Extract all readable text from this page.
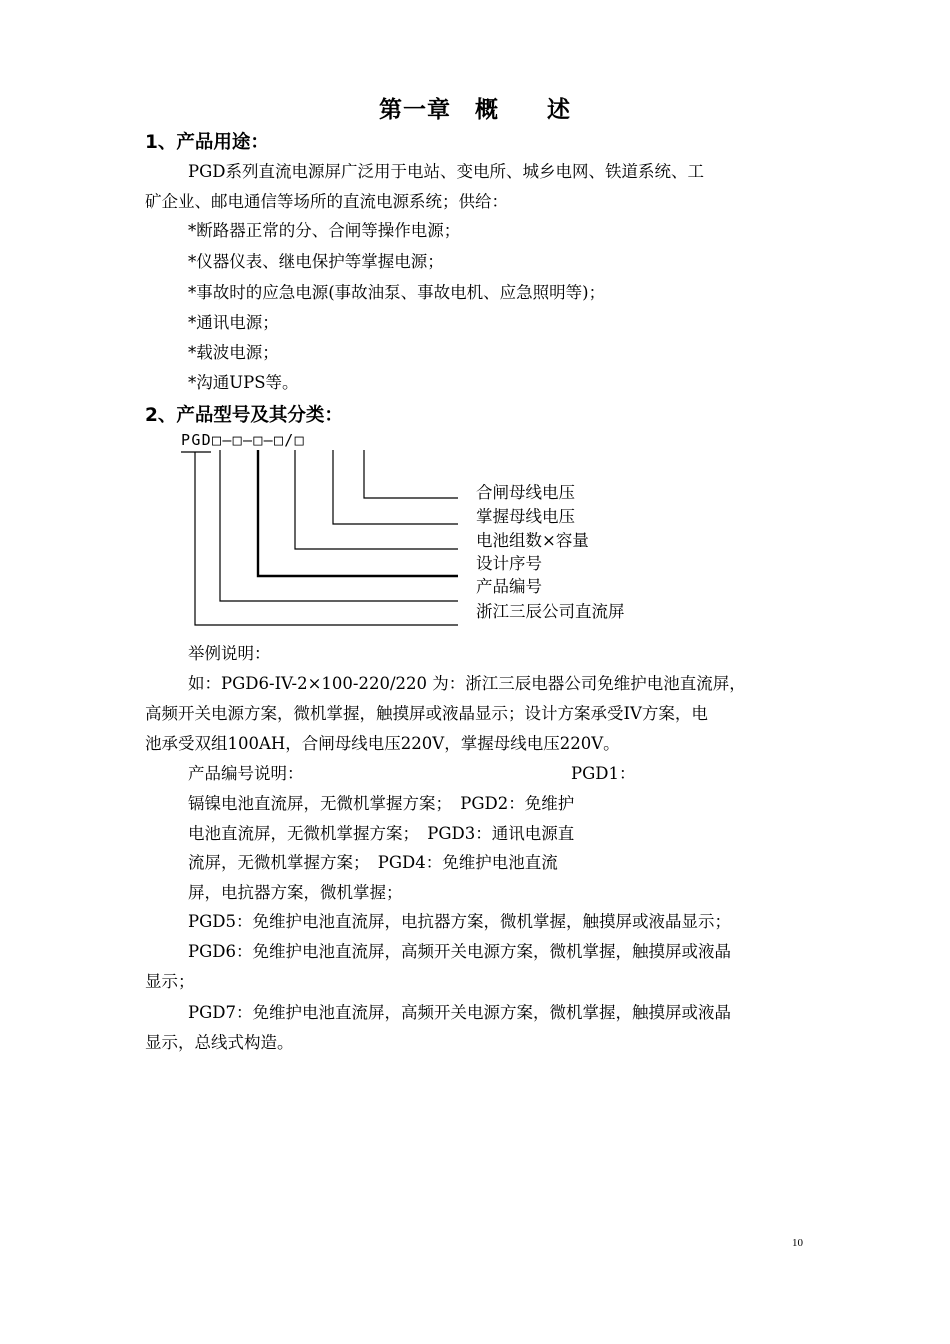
第一章　概　　述
1、产品用途：
PGD系列直流电源屏广泛用于电站、变电所、城乡电网、铁道系统、工
矿企业、邮电通信等场所的直流电源系统；供给：
*断路器正常的分、合闸等操作电源；
*仪器仪表、继电保护等掌握电源；
*事故时的应急电源(事故油泵、事故电机、应急照明等)；
*通讯电源；
*载波电源；
*沟通UPS等。
2、产品型号及其分类：
PGD□—□—□—□/□
合闸母线电压
掌握母线电压
电池组数×容量
设计序号
产品编号
浙江三辰公司直流屏
举例说明：
如：PGD6-IV-2×100-220/220 为：浙江三辰电器公司免维护电池直流屏，
高频开关电源方案，微机掌握，触摸屏或液晶显示；设计方案承受IV方案，电
池承受双组100AH，合闸母线电压220V，掌握母线电压220V。
产品编号说明：	PGD1：
镉镍电池直流屏，无微机掌握方案；　PGD2：免维护
电池直流屏，无微机掌握方案；　PGD3：通讯电源直
流屏，无微机掌握方案；　PGD4：免维护电池直流
屏，电抗器方案，微机掌握；
PGD5：免维护电池直流屏，电抗器方案，微机掌握，触摸屏或液晶显示；
PGD6：免维护电池直流屏，高频开关电源方案，微机掌握，触摸屏或液晶
显示；
PGD7：免维护电池直流屏，高频开关电源方案，微机掌握，触摸屏或液晶
显示，总线式构造。
10
